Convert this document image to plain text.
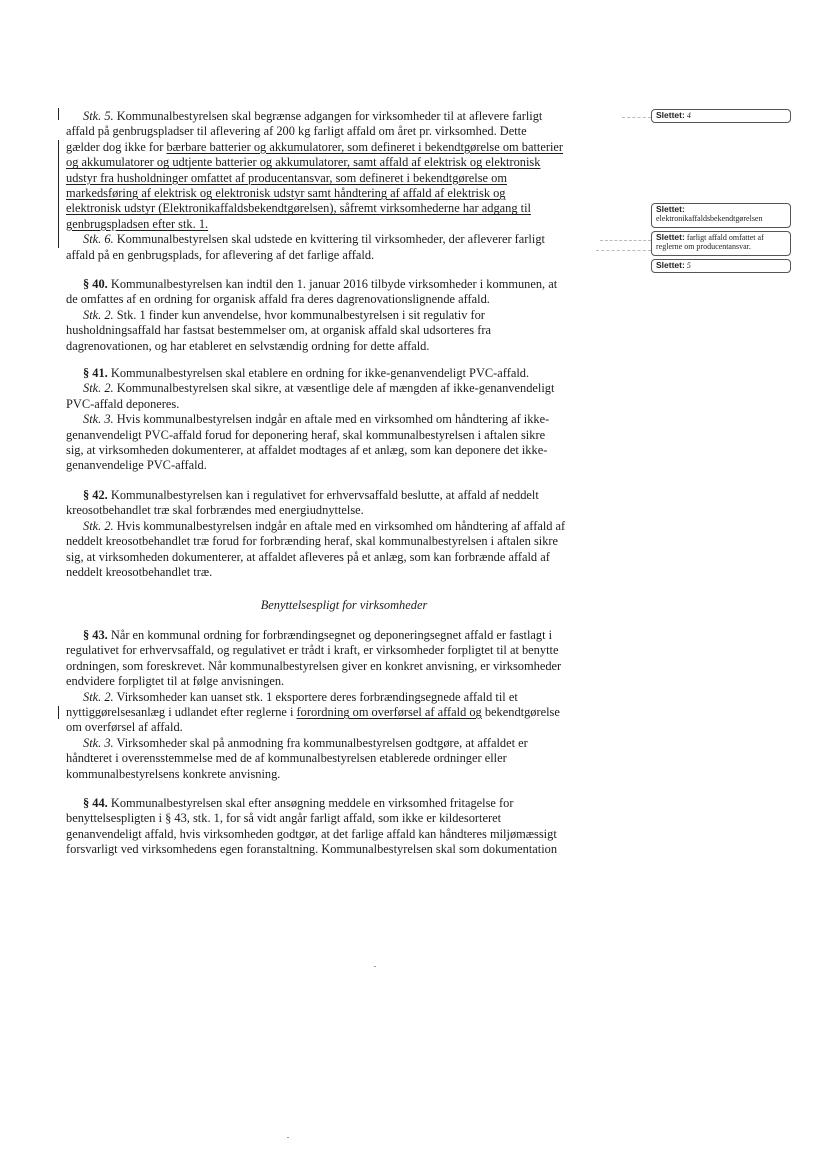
Stk. 5. Kommunalbestyrelsen skal begrænse adgangen for virksomheder til at aflevere farligt
affald på genbrugspladser til aflevering af 200 kg farligt affald om året pr. virksomhed. Dette
gælder dog ikke for bærbare batterier og akkumulatorer, som defineret i bekendtgørelse om batterier
og akkumulatorer og udtjente batterier og akkumulatorer, samt affald af elektrisk og elektronisk
udstyr fra husholdninger omfattet af producentansvar, som defineret i bekendtgørelse om
markedsføring af elektrisk og elektronisk udstyr samt håndtering af affald af elektrisk og
elektronisk udstyr (Elektronikaffaldsbekendtgørelsen), såfremt virksomhederne har adgang til
genbrugspladsen efter stk. 1.
Stk. 6. Kommunalbestyrelsen skal udstede en kvittering til virksomheder, der afleverer farligt
affald på en genbrugsplads, for aflevering af det farlige affald.
§ 40. Kommunalbestyrelsen kan indtil den 1. januar 2016 tilbyde virksomheder i kommunen, at
de omfattes af en ordning for organisk affald fra deres dagrenovationslignende affald.
Stk. 2. Stk. 1 finder kun anvendelse, hvor kommunalbestyrelsen i sit regulativ for
husholdningsaffald har fastsat bestemmelser om, at organisk affald skal udsorteres fra
dagrenovationen, og har etableret en selvstændig ordning for dette affald.
§ 41. Kommunalbestyrelsen skal etablere en ordning for ikke-genanvendeligt PVC-affald.
Stk. 2. Kommunalbestyrelsen skal sikre, at væsentlige dele af mængden af ikke-genanvendeligt
PVC-affald deponeres.
Stk. 3. Hvis kommunalbestyrelsen indgår en aftale med en virksomhed om håndtering af ikke-
genanvendeligt PVC-affald forud for deponering heraf, skal kommunalbestyrelsen i aftalen sikre
sig, at virksomheden dokumenterer, at affaldet modtages af et anlæg, som kan deponere det ikke-
genanvendelige PVC-affald.
§ 42. Kommunalbestyrelsen kan i regulativet for erhvervsaffald beslutte, at affald af neddelt
kreosotbehandlet træ skal forbrændes med energiudnyttelse.
Stk. 2. Hvis kommunalbestyrelsen indgår en aftale med en virksomhed om håndtering af affald af
neddelt kreosotbehandlet træ forud for forbrænding heraf, skal kommunalbestyrelsen i aftalen sikre
sig, at virksomheden dokumenterer, at affaldet afleveres på et anlæg, som kan forbrænde affald af
neddelt kreosotbehandlet træ.
Benyttelsespligt for virksomheder
§ 43. Når en kommunal ordning for forbrændingsegnet og deponeringsegnet affald er fastlagt i
regulativet for erhvervsaffald, og regulativet er trådt i kraft, er virksomheder forpligtet til at benytte
ordningen, som foreskrevet. Når kommunalbestyrelsen giver en konkret anvisning, er virksomheder
endvidere forpligtet til at følge anvisningen.
Stk. 2. Virksomheder kan uanset stk. 1 eksportere deres forbrændingsegnede affald til et
nyttiggørelsesanlæg i udlandet efter reglerne i forordning om overførsel af affald og bekendtgørelse
om overførsel af affald.
Stk. 3. Virksomheder skal på anmodning fra kommunalbestyrelsen godtgøre, at affaldet er
håndteret i overensstemmelse med de af kommunalbestyrelsen etablerede ordninger eller
kommunalbestyrelsens konkrete anvisning.
§ 44. Kommunalbestyrelsen skal efter ansøgning meddele en virksomhed fritagelse for
benyttelsespligten i § 43, stk. 1, for så vidt angår farligt affald, som ikke er kildesorteret
genanvendeligt affald, hvis virksomheden godtgør, at det farlige affald kan håndteres miljømæssigt
forsvarligt ved virksomhedens egen foranstaltning. Kommunalbestyrelsen skal som dokumentation
Slettet: 4
Slettet: elektronikaffaldsbekendtgørelsen
Slettet: farligt affald omfattet af reglerne om producentansvar.
Slettet: 5
